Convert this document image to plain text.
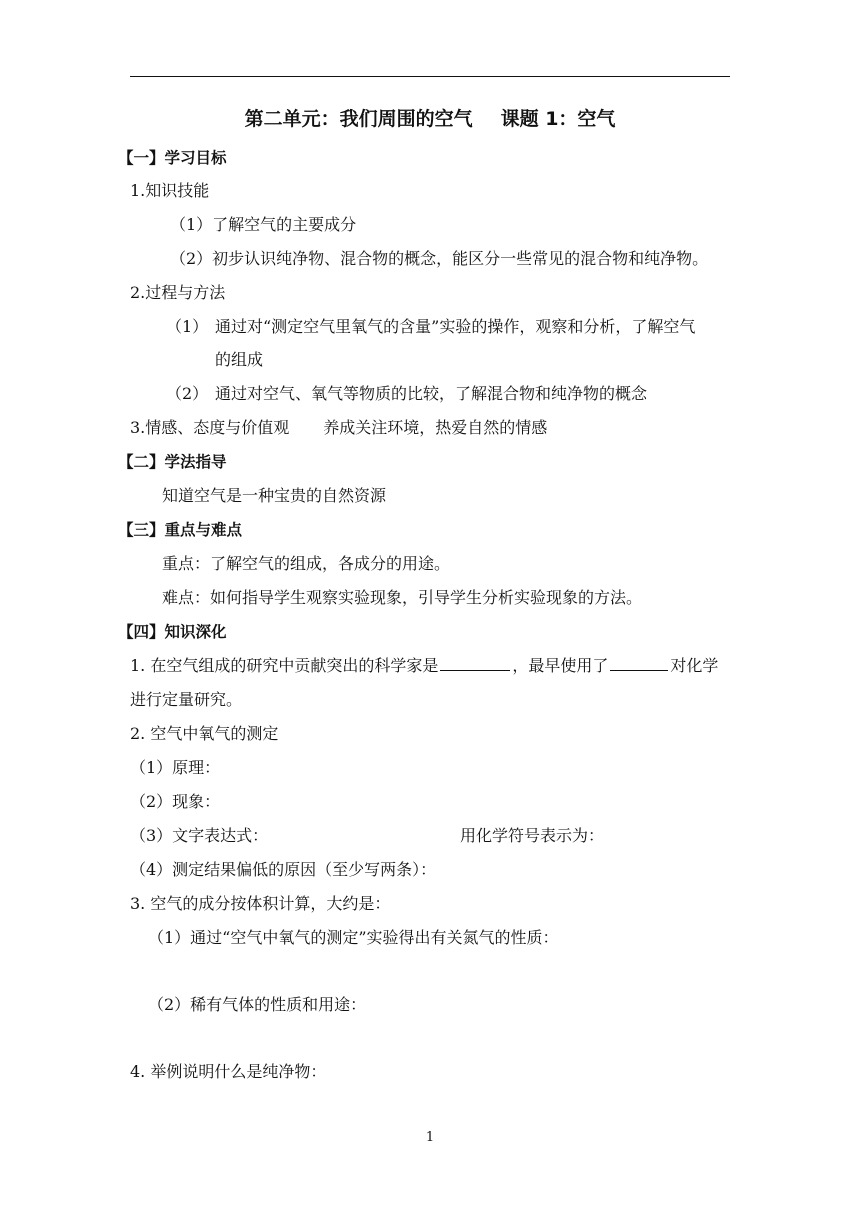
第二单元：我们周围的空气 课题 1：空气
【一】学习目标
1.知识技能
（1）了解空气的主要成分
（2）初步认识纯净物、混合物的概念，能区分一些常见的混合物和纯净物。
2.过程与方法
（1） 通过对“测定空气里氧气的含量”实验的操作，观察和分析，了解空气
的组成
（2） 通过对空气、氧气等物质的比较，了解混合物和纯净物的概念
3.情感、态度与价值观 养成关注环境，热爱自然的情感
【二】学法指导
知道空气是一种宝贵的自然资源
【三】重点与难点
重点：了解空气的组成，各成分的用途。
难点：如何指导学生观察实验现象，引导学生分析实验现象的方法。
【四】知识深化
1. 在空气组成的研究中贡献突出的科学家是	，最早使用了	对化学
进行定量研究。
2. 空气中氧气的测定
（1）原理：
（2）现象：
（3）文字表达式：	用化学符号表示为：
（4）测定结果偏低的原因（至少写两条）：
3. 空气的成分按体积计算，大约是：
（1）通过“空气中氧气的测定”实验得出有关氮气的性质：
（2）稀有气体的性质和用途：
4. 举例说明什么是纯净物：
1
